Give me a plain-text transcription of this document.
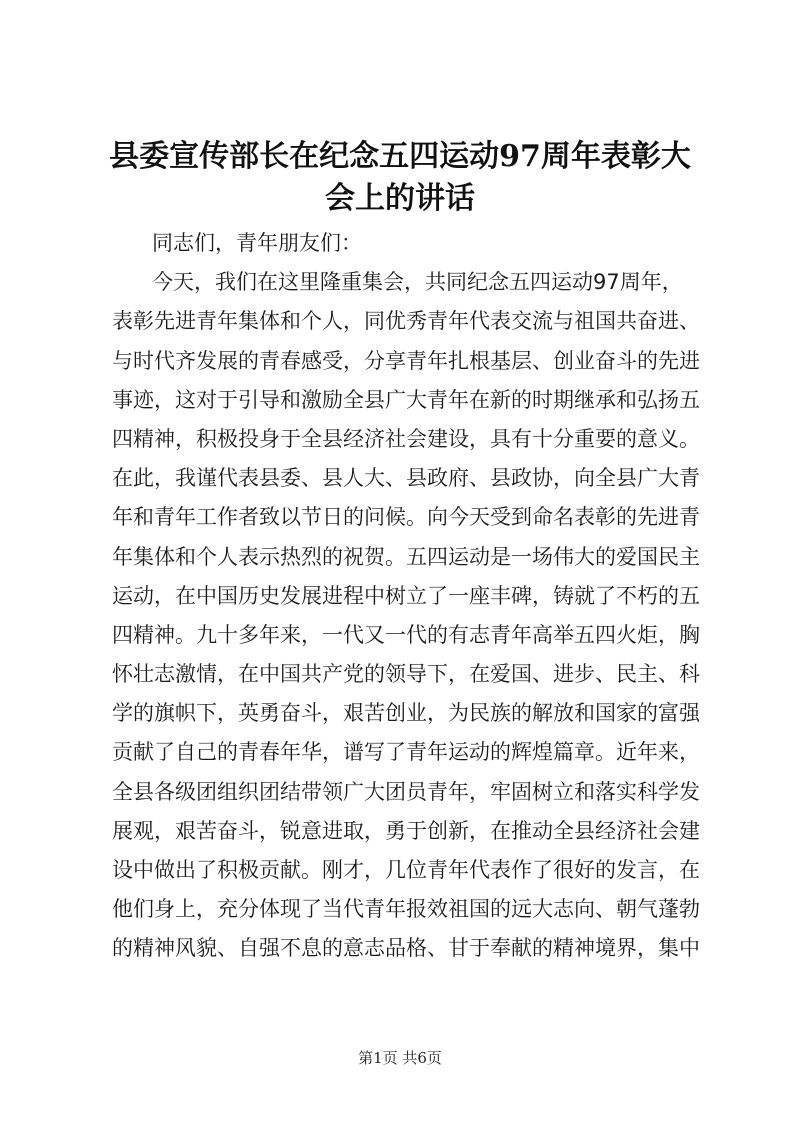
县委宣传部长在纪念五四运动97周年表彰大
会上的讲话
同志们，青年朋友们：
今天，我们在这里隆重集会，共同纪念五四运动97周年，
表彰先进青年集体和个人，同优秀青年代表交流与祖国共奋进、
与时代齐发展的青春感受，分享青年扎根基层、创业奋斗的先进
事迹，这对于引导和激励全县广大青年在新的时期继承和弘扬五
四精神，积极投身于全县经济社会建设，具有十分重要的意义。
在此，我谨代表县委、县人大、县政府、县政协，向全县广大青
年和青年工作者致以节日的问候。向今天受到命名表彰的先进青
年集体和个人表示热烈的祝贺。五四运动是一场伟大的爱国民主
运动，在中国历史发展进程中树立了一座丰碑，铸就了不朽的五
四精神。九十多年来，一代又一代的有志青年高举五四火炬，胸
怀壮志激情，在中国共产党的领导下，在爱国、进步、民主、科
学的旗帜下，英勇奋斗，艰苦创业，为民族的解放和国家的富强
贡献了自己的青春年华，谱写了青年运动的辉煌篇章。近年来，
全县各级团组织团结带领广大团员青年，牢固树立和落实科学发
展观，艰苦奋斗，锐意进取，勇于创新，在推动全县经济社会建
设中做出了积极贡献。刚才，几位青年代表作了很好的发言，在
他们身上，充分体现了当代青年报效祖国的远大志向、朝气蓬勃
的精神风貌、自强不息的意志品格、甘于奉献的精神境界，集中
第1页 共6页
